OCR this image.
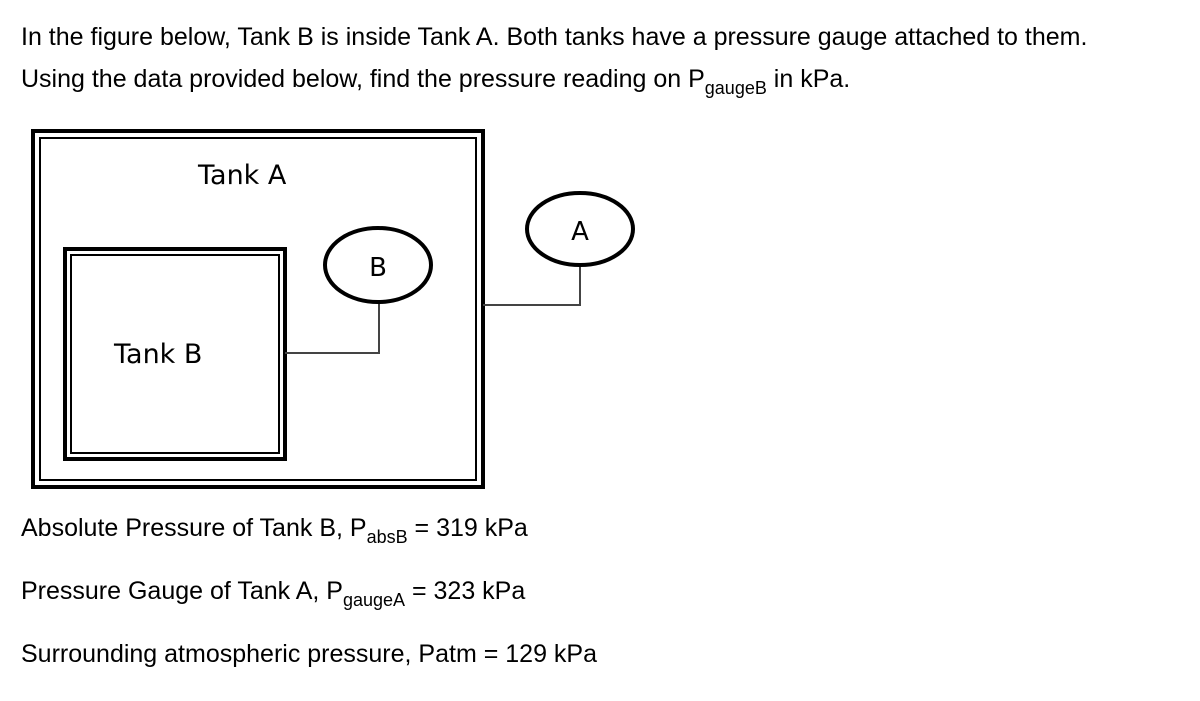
In the figure below, Tank B is inside Tank A. Both tanks have a pressure gauge attached to them.

Using the data provided below, find the pressure reading on $P_{gaugeB}$ in kPa.

Tank A
Tank B
B
A
Absolute Pressure of Tank B, $P_{absB} = 319$ kPa
Pressure Gauge of Tank A, $P_{gaugeA} = 323$ kPa
Surrounding atmospheric pressure, Patm = 129 kPa
